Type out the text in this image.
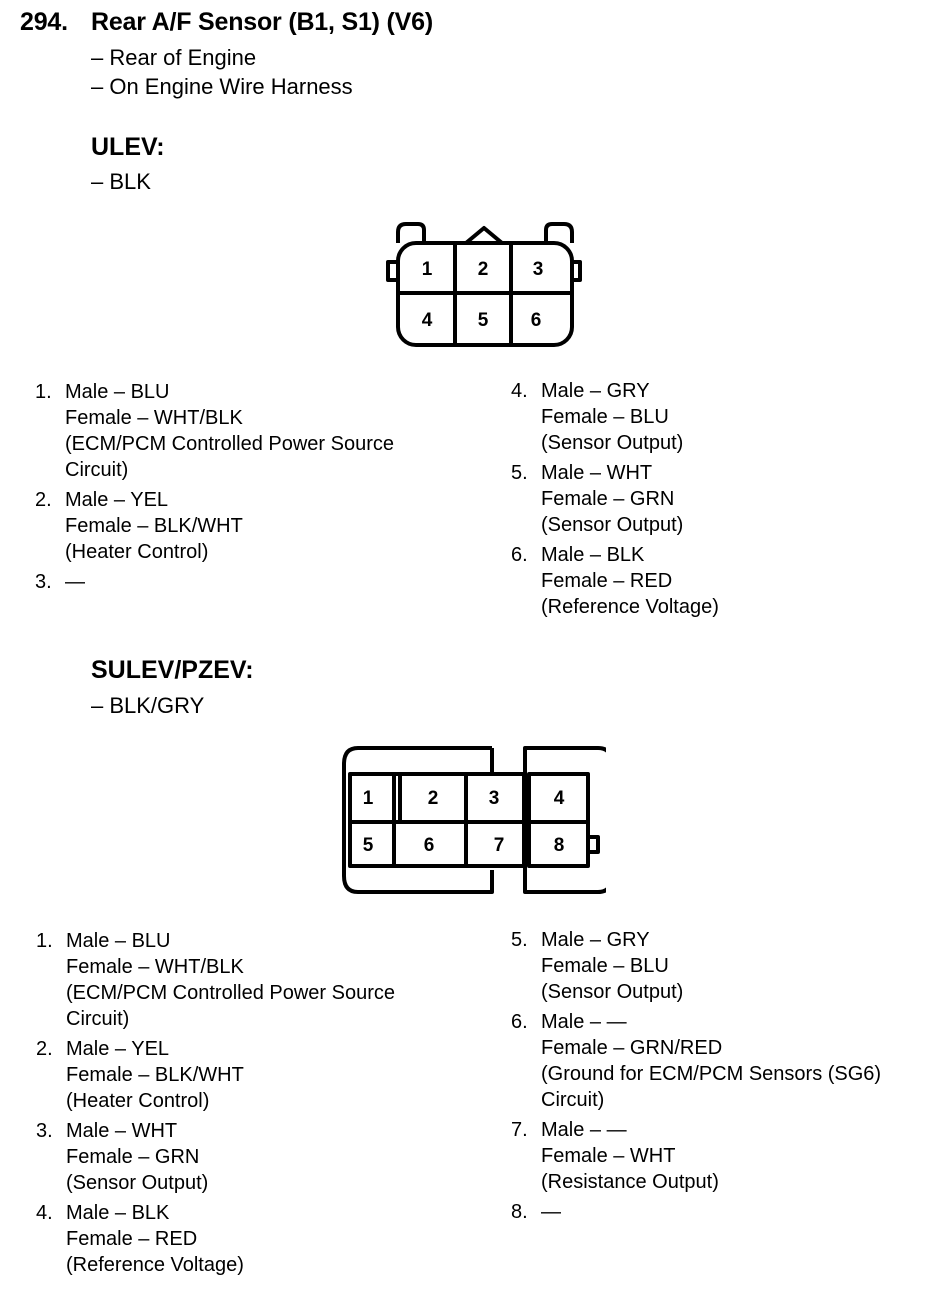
294. Rear A/F Sensor (B1, S1) (V6)
– Rear of Engine
– On Engine Wire Harness
ULEV:
– BLK
1 2 3
4 5 6
1. Male – BLU
Female – WHT/BLK
(ECM/PCM Controlled Power Source
Circuit)
2. Male – YEL
Female – BLK/WHT
(Heater Control)
3. —
4. Male – GRY
Female – BLU
(Sensor Output)
5. Male – WHT
Female – GRN
(Sensor Output)
6. Male – BLK
Female – RED
(Reference Voltage)
SULEV/PZEV:
– BLK/GRY
1	2	3	4
5	6	7	8
1. Male – BLU
Female – WHT/BLK
(ECM/PCM Controlled Power Source
Circuit)
2. Male – YEL
Female – BLK/WHT
(Heater Control)
3. Male – WHT
Female – GRN
(Sensor Output)
4. Male – BLK
Female – RED
(Reference Voltage)
5. Male – GRY
Female – BLU
(Sensor Output)
6. Male – —
Female – GRN/RED
(Ground for ECM/PCM Sensors (SG6)
Circuit)
7. Male – —
Female – WHT
(Resistance Output)
8. —
